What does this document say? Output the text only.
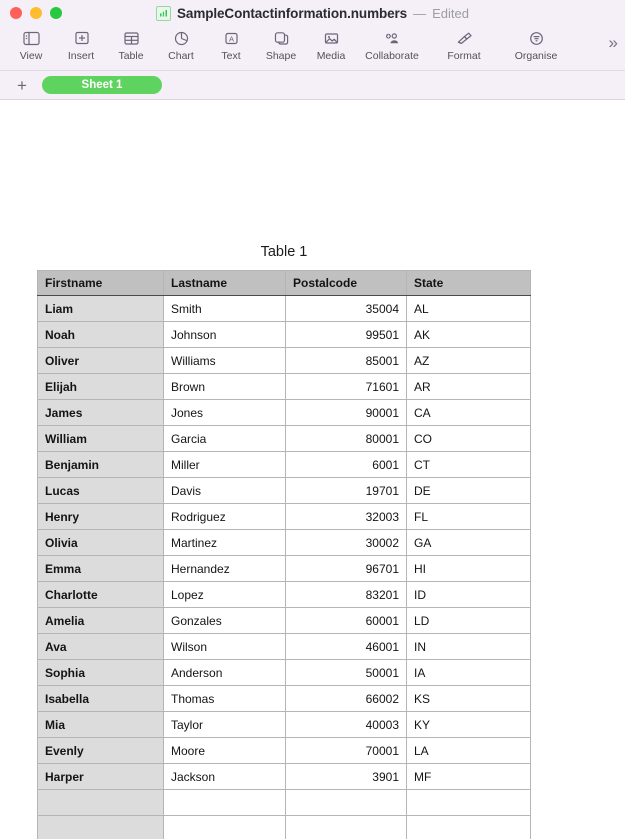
SampleContactinformation.numbers — Edited
View Insert Table Chart
A
Text Shape Media Collaborate	Format	Organise
»
+	Sheet 1
Table 1
Firstname	Lastname	Postalcode	State
Liam	Smith	35004	AL
Noah	Johnson	99501	AK
Oliver	Williams	85001	AZ
Elijah	Brown	71601	AR
James	Jones	90001	CA
William	Garcia	80001	CO
Benjamin	Miller	6001	CT
Lucas	Davis	19701	DE
Henry	Rodriguez	32003	FL
Olivia	Martinez	30002	GA
Emma	Hernandez	96701	HI
Charlotte	Lopez	83201	ID
Amelia	Gonzales	60001	LD
Ava	Wilson	46001	IN
Sophia	Anderson	50001	IA
Isabella	Thomas	66002	KS
Mia	Taylor	40003	KY
Evenly	Moore	70001	LA
Harper	Jackson	3901	MF
